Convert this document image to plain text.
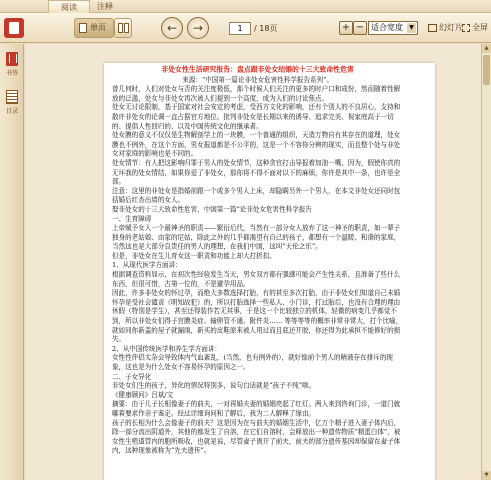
阅读	注释
单页	←	→	1	/ 18页	+ − 适合宽度	▼	幻灯片	全屏
书签
目录

非处女性生活研究报告：盘点跟非处女结婚的十三大致命性危害

来源：“中国第一篇论非处女危害性科学报告系列”。

曾几何时，人们对处女与否的关注度极低，那个时候人们关注的更多的时户口和成份，然而随着性解放的泛滥，处女与非处女再次被人们提到一个高度，成为人们的讨论焦点。

处女无讨论限制，基于国家对社会安定的考虑，受西方文化的影响，还有个别人的不良居心，支持和散许非处女的论调一直占据官方地位。批判非处女是长期以来的诱导、追求完美、视家庭高于一切的、提倡人性回归的、以及中国传统文化的继承者。

处女膜的意义不仅仅是生物解剖学上的一块膜，一个普通的组织，天造万物自有其存在的道理，处女膜也不例外，在这个方面，男女报道都是不公平的，这是一个不容你分辨的现实，而且整个处与非处女对家庭的影响也是不同的。

处女情节：有人把这影响归罪于男人的处女情节，这种贪官打击导报着加油一嘴，因为，假使你真的无坏我的处女情结，如果你爱了非处女，那你将不得不面对以下的麻烦，你许是其中一条，也许是全部。

注意：这里的非处女是指婚前跟一个或多个男人上床，却隐瞒另外一个男人，在本文非处女还同时包括婚后红杏出墙的女人。

娶非处女的十三大致命性危害，中国第一篇“论非处女危害性科学报告

一、生育障碍

上帝赋予女人一个最神圣的职责——繁衍后代，当然有一部分女人放弃了这一神圣的职责，如一辈子独身的老姑娘、由家的尼姑，除此之外的几乎都渴望有自己的孩子，都想有一个温暖、和谐的家庭，当然这也是大部分良贵任的男人的理想，在我们中国，这叫“天伦之乐”。

但是，非处女在生儿育女这一职责和功能上却大打折扣。

1、从现代医学方面讲：

根据调查资料显示，在初次性经验发生当天，男女双方都有强感可能会产生性关系，且准备了些什么东西，但很可惜，古第一位的，不是避孕用品。

因此，许多非处女的怀过孕，而绝大多数选择打胎，有的甚至多次打胎，由于非处女们知道自己未婚怀孕是受社会谴责（明知故犯）的，所以打胎选择一些私人、小门诊，打过胎后，也没有合理的理由休假（特别是学生），甚至还得装作若无其事，于是这一个比较独立的机体，轻微的病变几乎都觉不到，所以非处女们得子宫膜炎症、输卵管不通、附件炎…… 等等等等的概率非常非常大，打个比喻，就如同你新盖的屋子就漏雨，新买的皮鞋原来被人用过而且底还开胶，你还得为此承担不能修好的损失。

2、从中国传统医学和养生学方面讲：

女性性伴侣太杂会导致体内气血紊乱，(当然，也有例外的），就好像前个男人的精液存在排斥的现象，这也是为什么处女不容易怀孕的原因之一。

二、子女异化

非处女们生的孩子，异化的情况特别多，说句白话就是“孩子不纯”啦。

《健康顾问》吕斌/文

摘要：由于儿子长相像妻子的前夫，一对再婚夫妻的婚姻亮起了红灯。两人来到咨询门诊，一道门就嘟着要求作亲子鉴定。经过详细询问和了解后，我为二人解释了缘由。

孩子的长相为什么会像妻子的前夫？这是因为在与前夫的婚姻生活中，亿万个精子进入妻子体内后，除一部分流出阴道外，其他的都发生了自溶，在它们自溶时，会释放出一种遗传物质“精蛋白体”，被女性生殖道管内的胞所吸收，也就是说，尽管妻子离开了前夫，前夫的部分遗传基因却保留在妻子体内，这种现象被称为“先夫遗传”。

▲
▼
